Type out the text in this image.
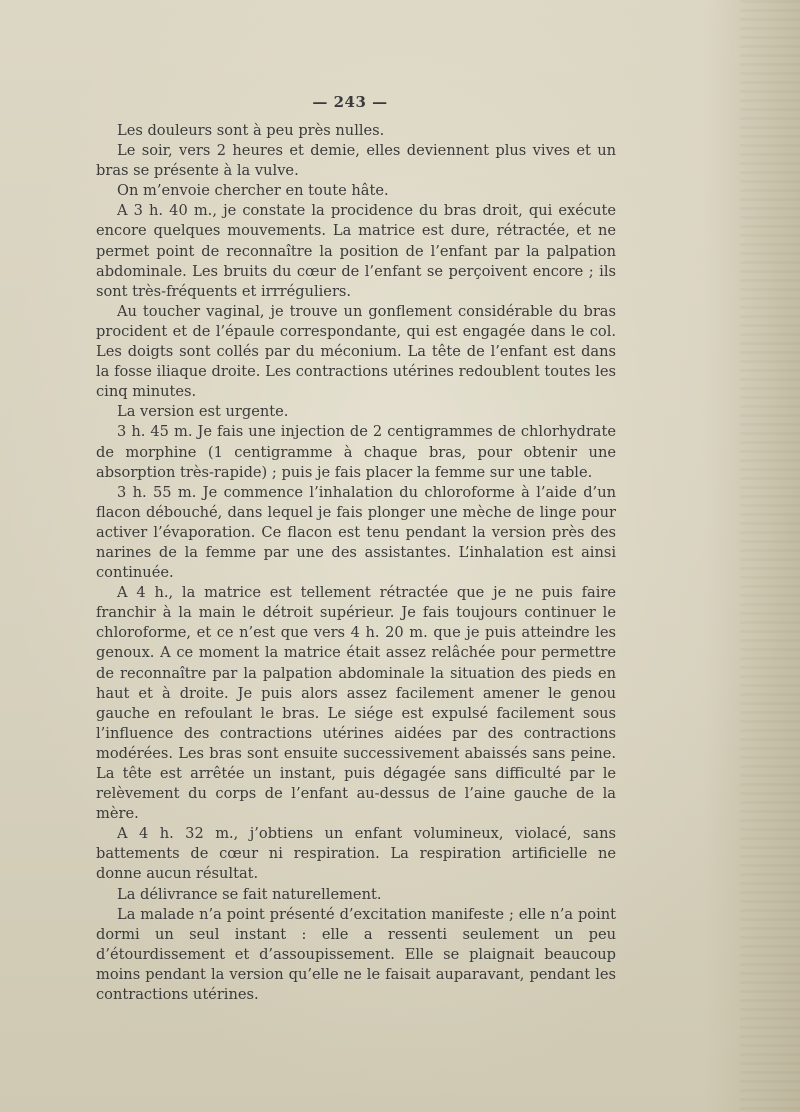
— 243 —

Les douleurs sont à peu près nulles.

Le soir, vers 2 heures et demie, elles deviennent plus vives et un bras se présente à la vulve.

On m’envoie chercher en toute hâte.

A 3 h. 40 m., je constate la procidence du bras droit, qui exécute encore quelques mouvements. La matrice est dure, rétractée, et ne permet point de reconnaître la position de l’enfant par la palpation abdominale. Les bruits du cœur de l’enfant se perçoivent encore ; ils sont très-fréquents et irrréguliers.

Au toucher vaginal, je trouve un gonflement considérable du bras procident et de l’épaule correspondante, qui est engagée dans le col. Les doigts sont collés par du méconium. La tête de l’enfant est dans la fosse iliaque droite. Les contractions utérines redoublent toutes les cinq minutes.

La version est urgente.

3 h. 45 m. Je fais une injection de 2 centigrammes de chlorhydrate de morphine (1 centigramme à chaque bras, pour obtenir une absorption très-rapide) ; puis je fais placer la femme sur une table.

3 h. 55 m. Je commence l’inhalation du chloroforme à l’aide d’un flacon débouché, dans lequel je fais plonger une mèche de linge pour activer l’évaporation. Ce flacon est tenu pendant la version près des narines de la femme par une des assistantes. L’inhalation est ainsi continuée.

A 4 h., la matrice est tellement rétractée que je ne puis faire franchir à la main le détroit supérieur. Je fais toujours continuer le chloroforme, et ce n’est que vers 4 h. 20 m. que je puis atteindre les genoux. A ce moment la matrice était assez relâchée pour permettre de reconnaître par la palpation abdominale la situation des pieds en haut et à droite. Je puis alors assez facilement amener le genou gauche en refoulant le bras. Le siége est expulsé facilement sous l’influence des contractions utérines aidées par des contractions modérées. Les bras sont ensuite successivement abaissés sans peine. La tête est arrêtée un instant, puis dégagée sans difficulté par le relèvement du corps de l’enfant au-dessus de l’aine gauche de la mère.

A 4 h. 32 m., j’obtiens un enfant volumineux, violacé, sans battements de cœur ni respiration. La respiration artificielle ne donne aucun résultat.

La délivrance se fait naturellement.

La malade n’a point présenté d’excitation manifeste ; elle n’a point dormi un seul instant : elle a ressenti seulement un peu d’étourdissement et d’assoupissement. Elle se plaignait beaucoup moins pendant la version qu’elle ne le faisait auparavant, pendant les contractions utérines.
